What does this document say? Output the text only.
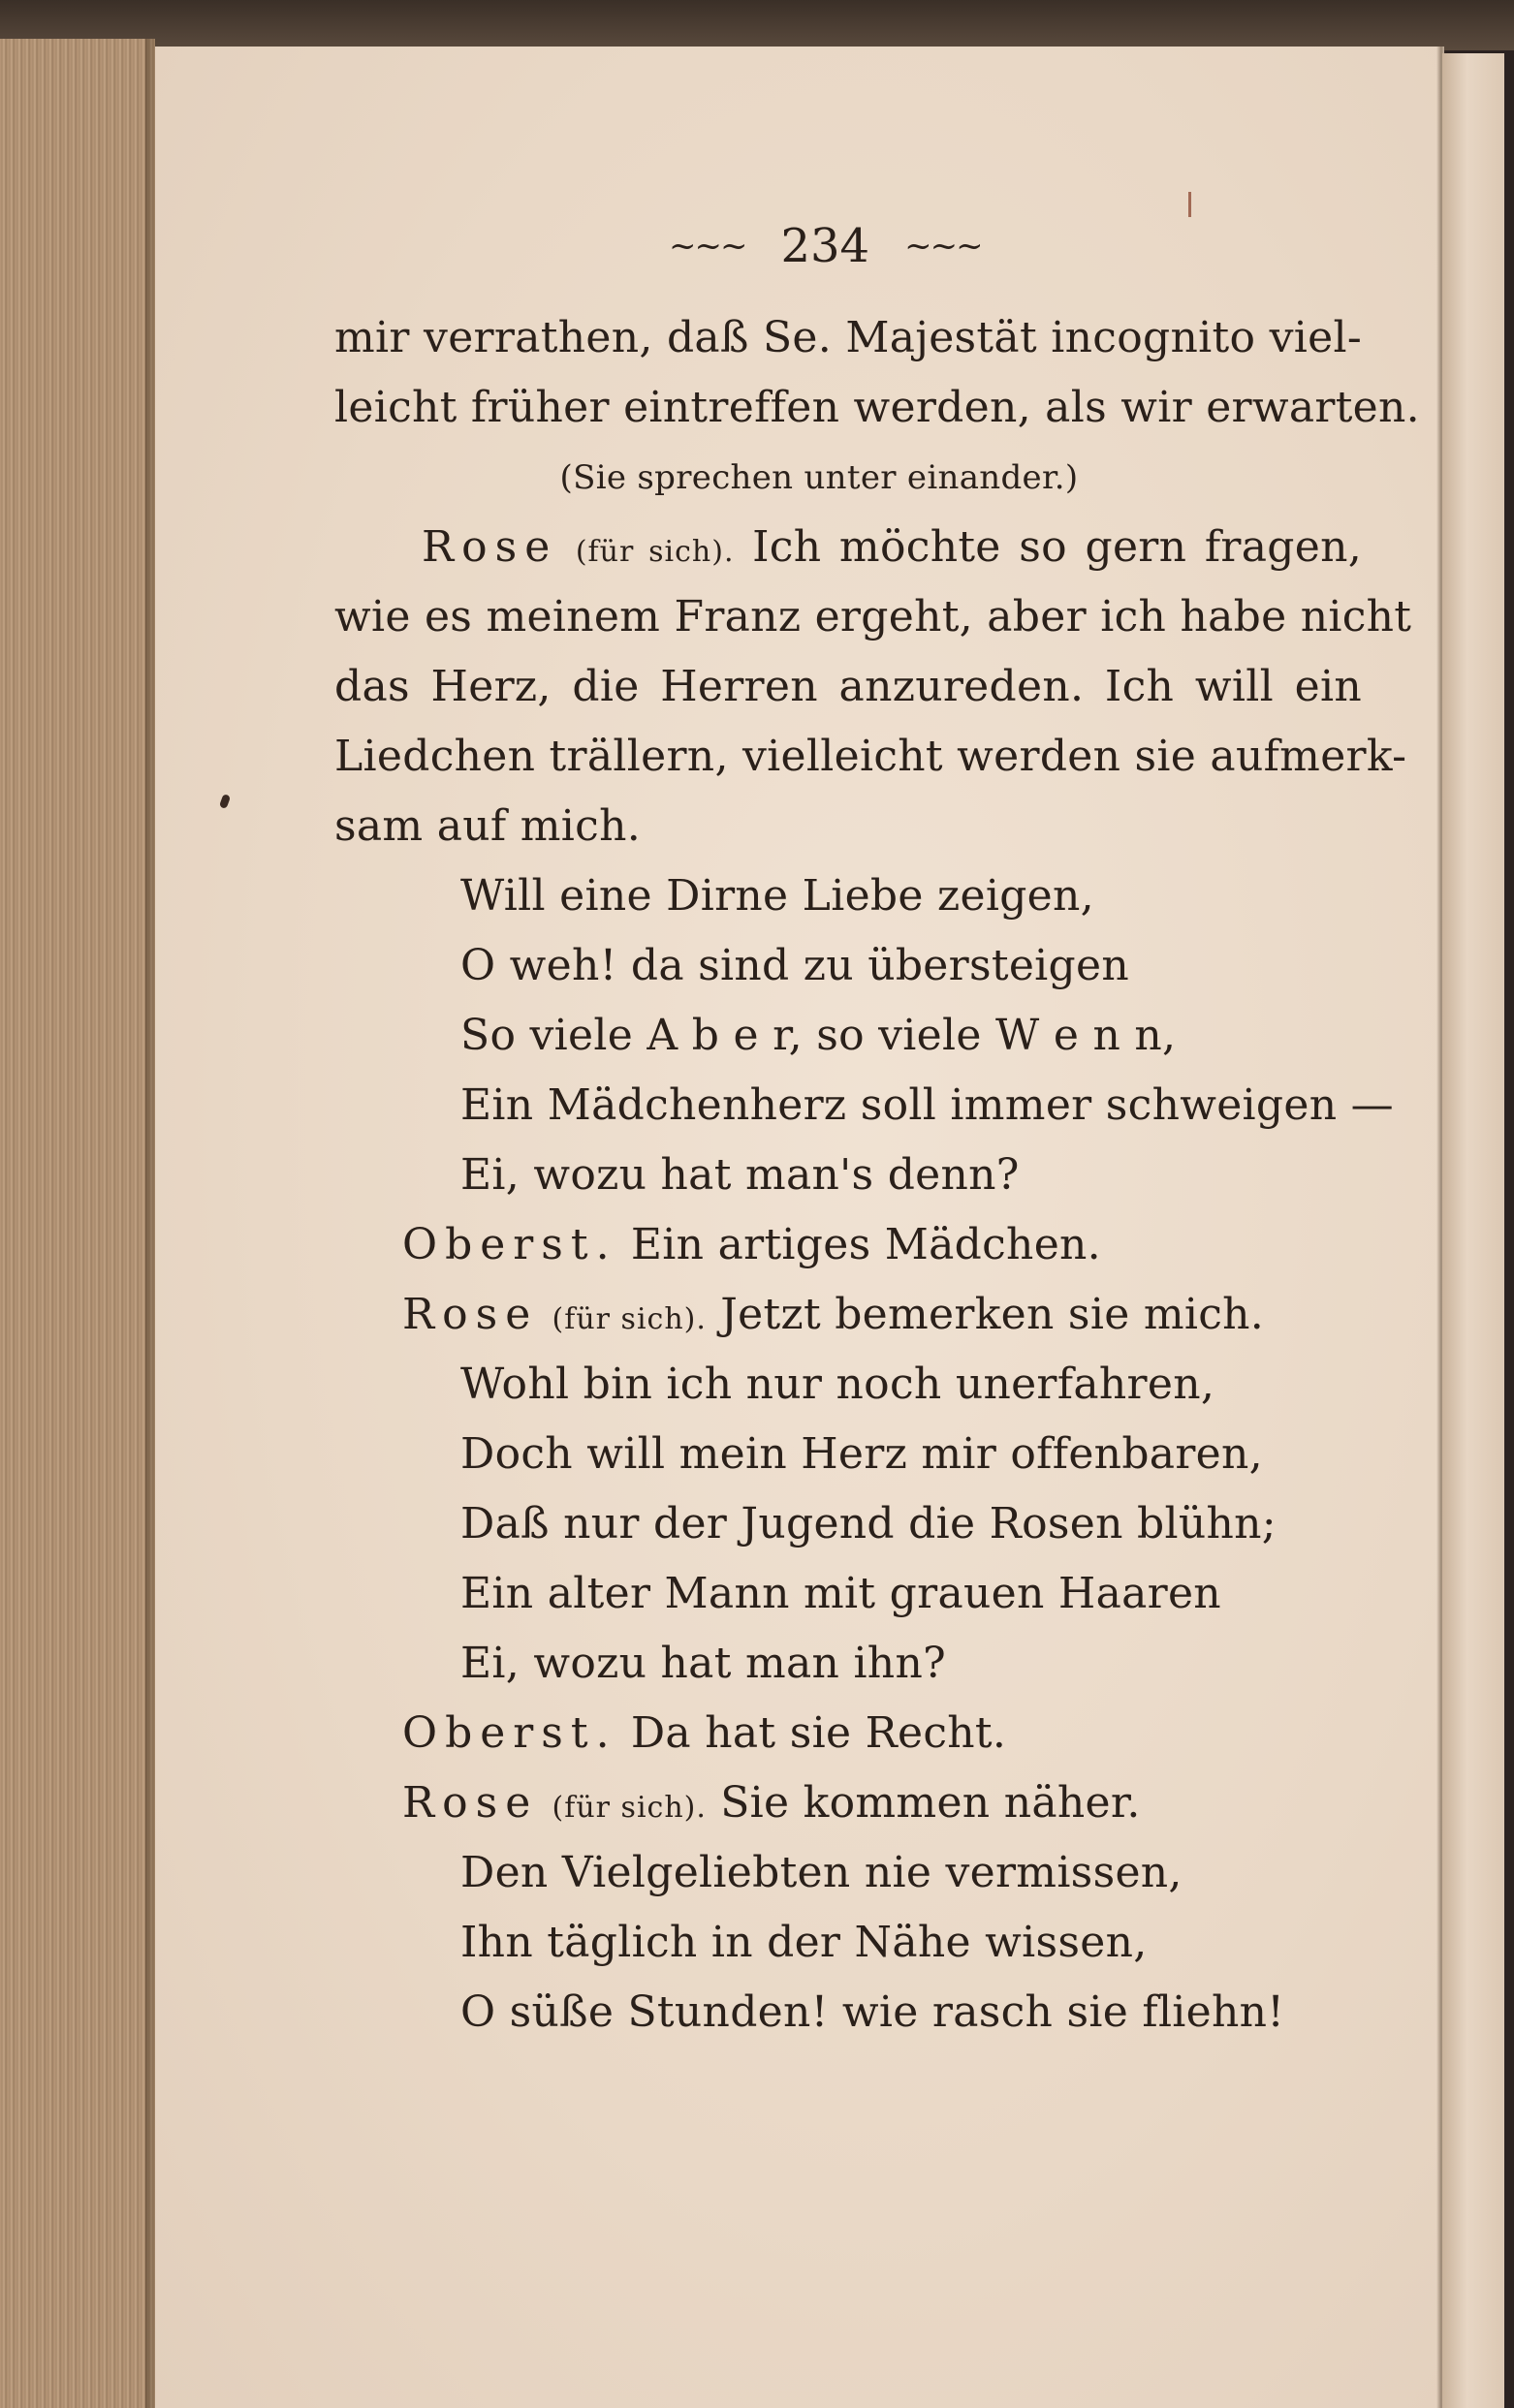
~~~ 234 ~~~
mir verrathen, daß Se. Majestät incognito viel-
leicht früher eintreffen werden, als wir erwarten.
(Sie sprechen unter einander.)
Rose (für sich). Ich möchte so gern fragen,
wie es meinem Franz ergeht, aber ich habe nicht
das Herz, die Herren anzureden. Ich will ein
Liedchen trällern, vielleicht werden sie aufmerk-
sam auf mich.
Will eine Dirne Liebe zeigen,
O weh! da sind zu übersteigen
So viele A b e r, so viele W e n n,
Ein Mädchenherz soll immer schweigen —
Ei, wozu hat man's denn?
Oberst. Ein artiges Mädchen.
Rose (für sich). Jetzt bemerken sie mich.
Wohl bin ich nur noch unerfahren,
Doch will mein Herz mir offenbaren,
Daß nur der Jugend die Rosen blühn;
Ein alter Mann mit grauen Haaren
Ei, wozu hat man ihn?
Oberst. Da hat sie Recht.
Rose (für sich). Sie kommen näher.
Den Vielgeliebten nie vermissen,
Ihn täglich in der Nähe wissen,
O süße Stunden! wie rasch sie fliehn!
